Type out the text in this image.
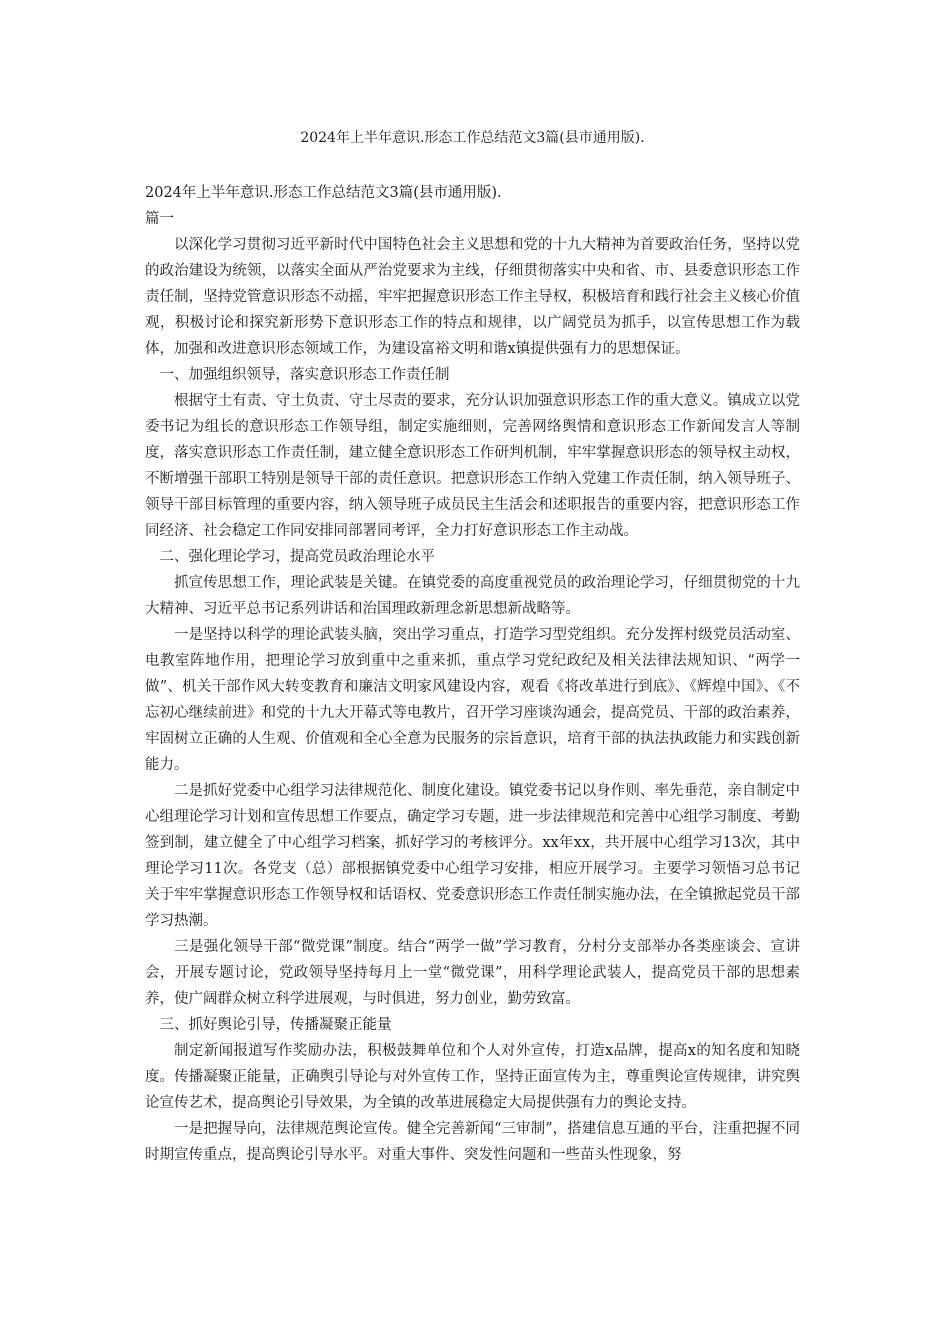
2024年上半年意识.形态工作总结范文3篇(县市通用版).

2024年上半年意识.形态工作总结范文3篇(县市通用版).

篇一

以深化学习贯彻习近平新时代中国特色社会主义思想和党的十九大精神为首要政治任务，坚持以党的政治建设为统领，以落实全面从严治党要求为主线，仔细贯彻落实中央和省、市、县委意识形态工作责任制，坚持党管意识形态不动摇，牢牢把握意识形态工作主导权，积极培育和践行社会主义核心价值观，积极讨论和探究新形势下意识形态工作的特点和规律，以广阔党员为抓手，以宣传思想工作为载体，加强和改进意识形态领域工作，为建设富裕文明和谐x镇提供强有力的思想保证。

一、加强组织领导，落实意识形态工作责任制

根据守土有责、守土负责、守土尽责的要求，充分认识加强意识形态工作的重大意义。镇成立以党委书记为组长的意识形态工作领导组，制定实施细则，完善网络舆情和意识形态工作新闻发言人等制度，落实意识形态工作责任制，建立健全意识形态工作研判机制，牢牢掌握意识形态的领导权主动权，不断增强干部职工特别是领导干部的责任意识。把意识形态工作纳入党建工作责任制，纳入领导班子、领导干部目标管理的重要内容，纳入领导班子成员民主生活会和述职报告的重要内容，把意识形态工作同经济、社会稳定工作同安排同部署同考评，全力打好意识形态工作主动战。

二、强化理论学习，提高党员政治理论水平

抓宣传思想工作，理论武装是关键。在镇党委的高度重视党员的政治理论学习，仔细贯彻党的十九大精神、习近平总书记系列讲话和治国理政新理念新思想新战略等。

一是坚持以科学的理论武装头脑，突出学习重点，打造学习型党组织。充分发挥村级党员活动室、电教室阵地作用，把理论学习放到重中之重来抓，重点学习党纪政纪及相关法律法规知识、“两学一做”、机关干部作风大转变教育和廉洁文明家风建设内容，观看《将改革进行到底》、《辉煌中国》、《不忘初心继续前进》和党的十九大开幕式等电教片，召开学习座谈沟通会，提高党员、干部的政治素养，牢固树立正确的人生观、价值观和全心全意为民服务的宗旨意识，培育干部的执法执政能力和实践创新能力。

二是抓好党委中心组学习法律规范化、制度化建设。镇党委书记以身作则、率先垂范，亲自制定中心组理论学习计划和宣传思想工作要点，确定学习专题，进一步法律规范和完善中心组学习制度、考勤签到制，建立健全了中心组学习档案，抓好学习的考核评分。xx年xx，共开展中心组学习13次，其中理论学习11次。各党支（总）部根据镇党委中心组学习安排，相应开展学习。主要学习领悟习总书记关于牢牢掌握意识形态工作领导权和话语权、党委意识形态工作责任制实施办法，在全镇掀起党员干部学习热潮。

三是强化领导干部“微党课”制度。结合“两学一做”学习教育，分村分支部举办各类座谈会、宣讲会，开展专题讨论，党政领导坚持每月上一堂“微党课”，用科学理论武装人，提高党员干部的思想素养，使广阔群众树立科学进展观，与时俱进，努力创业，勤劳致富。

三、抓好舆论引导，传播凝聚正能量

制定新闻报道写作奖励办法，积极鼓舞单位和个人对外宣传，打造x品牌，提高x的知名度和知晓度。传播凝聚正能量，正确舆引导论与对外宣传工作，坚持正面宣传为主，尊重舆论宣传规律，讲究舆论宣传艺术，提高舆论引导效果，为全镇的改革进展稳定大局提供强有力的舆论支持。

一是把握导向，法律规范舆论宣传。健全完善新闻“三审制”，搭建信息互通的平台，注重把握不同时期宣传重点，提高舆论引导水平。对重大事件、突发性问题和一些苗头性现象，努
